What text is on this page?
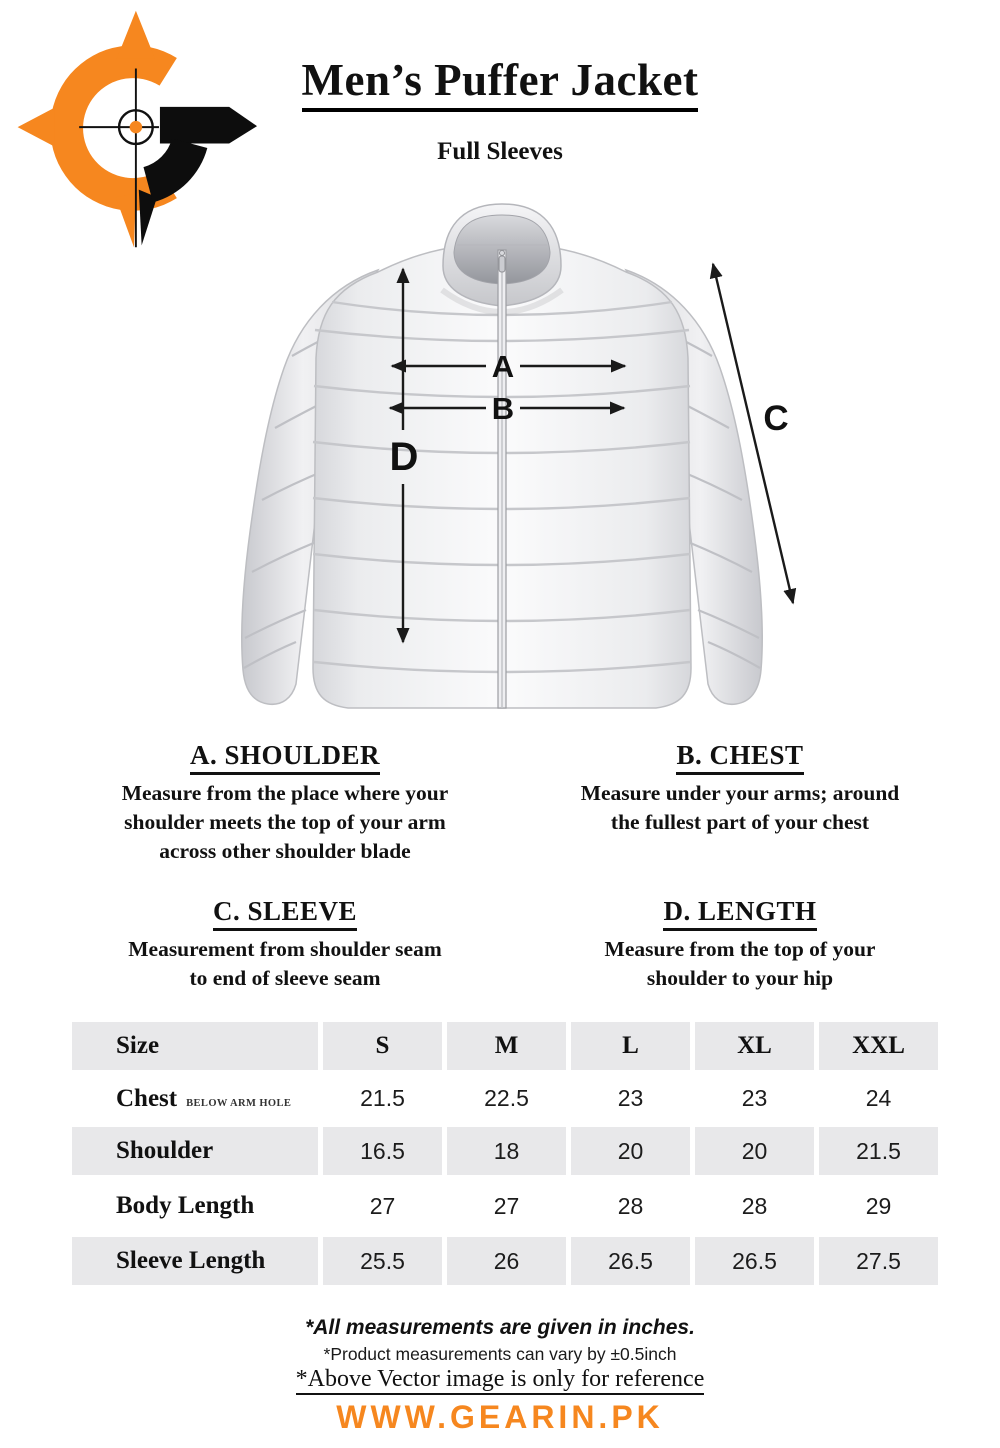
Men’s Puffer Jacket
Full Sleeves
A
B	C
D
A. SHOULDER
Measure from the place where your
shoulder meets the top of your arm
across other shoulder blade
B. CHEST
Measure under your arms; around
the fullest part of your chest
C. SLEEVE
Measurement from shoulder seam
to end of sleeve seam
D. LENGTH
Measure from the top of your
shoulder to your hip
Size	S	M	L	XL	XXL
Chest BELOW ARM HOLE	21.5	22.5	23	23	24
Shoulder	16.5	18	20	20	21.5
Body Length	27	27	28	28	29
Sleeve Length	25.5	26	26.5	26.5	27.5
*All measurements are given in inches.
*Product measurements can vary by ±0.5inch
*Above Vector image is only for reference
WWW.GEARIN.PK
